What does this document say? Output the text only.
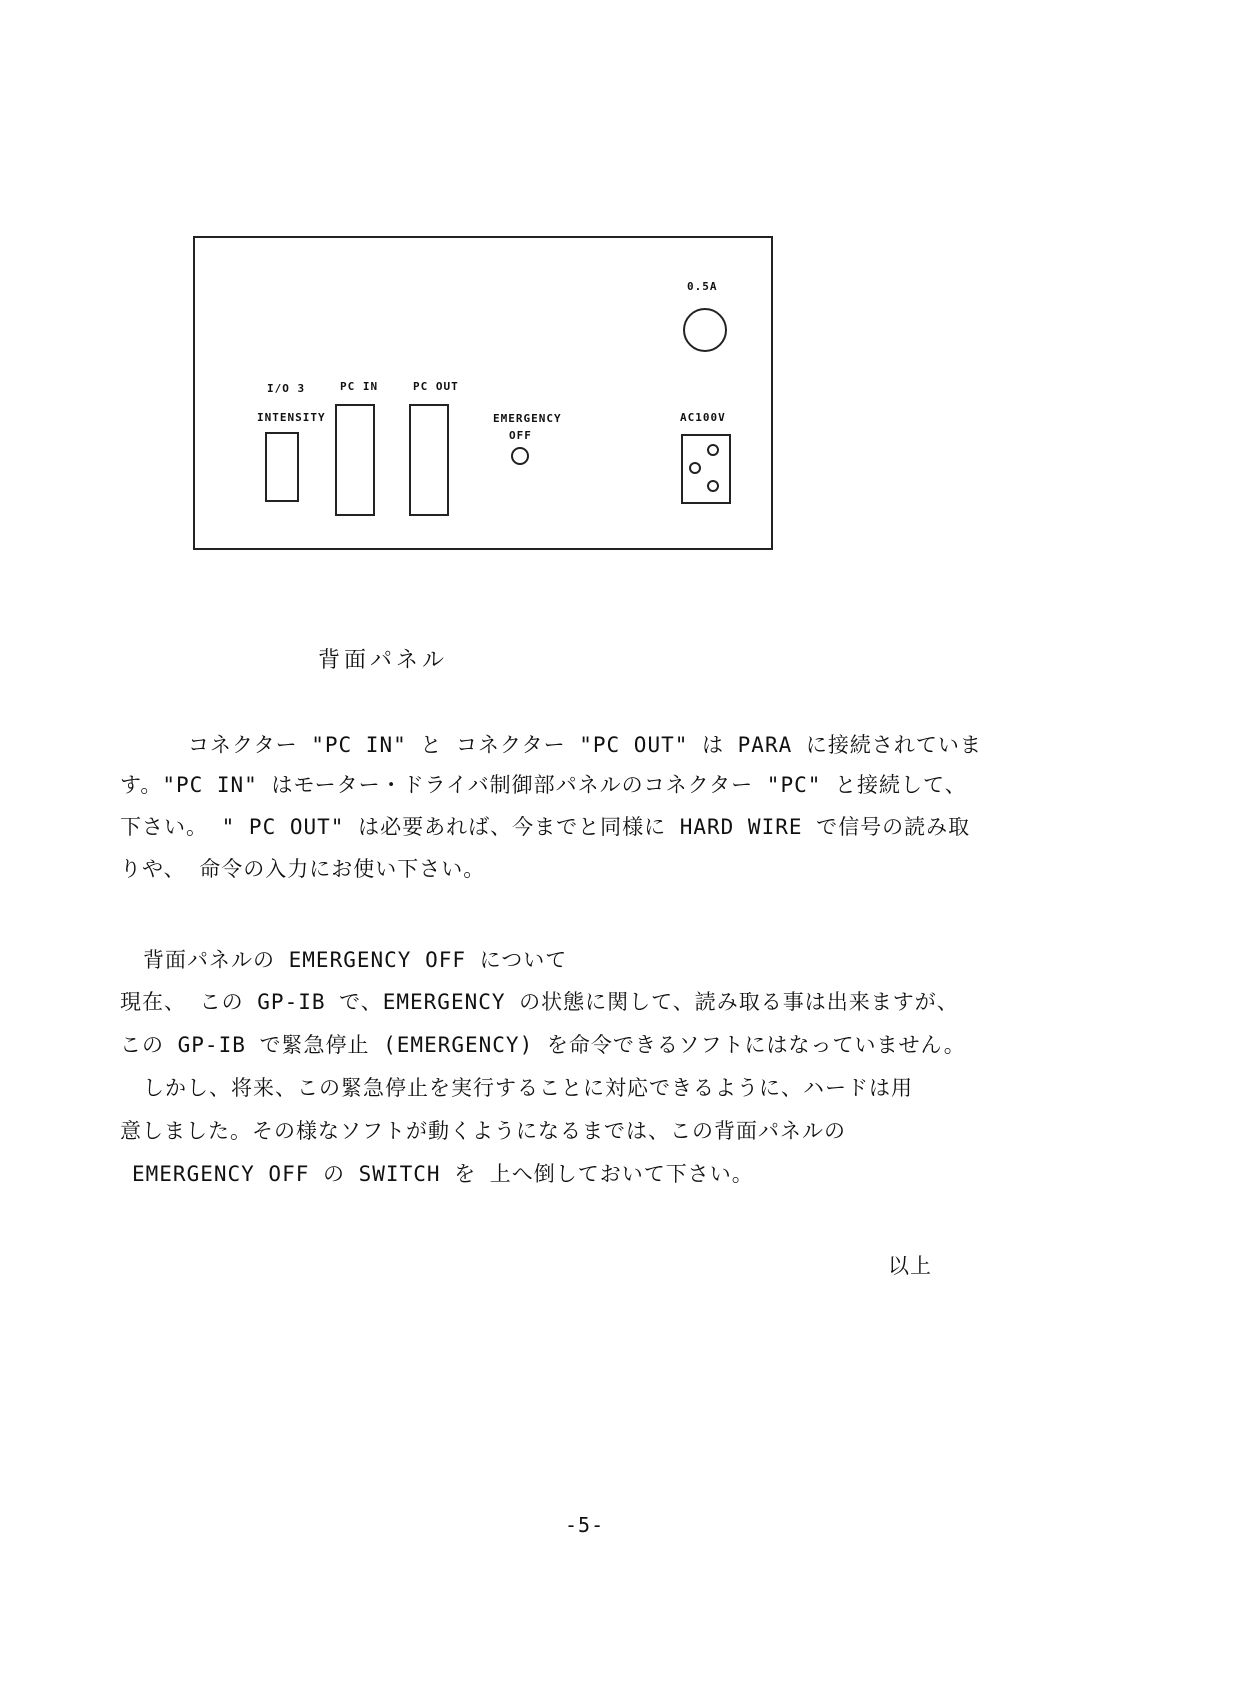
0.5A
I/O 3
INTENSITY
PC IN	PC OUT
EMERGENCY
OFF
AC100V
背面パネル
コネクター "PC IN" と コネクター "PC OUT" は PARA に接続されていま
す。"PC IN" はモーター・ドライバ制御部パネルのコネクター "PC" と接続して、
下さい。 " PC OUT" は必要あれば、今までと同様に HARD WIRE で信号の読み取
りや、 命令の入力にお使い下さい。
背面パネルの EMERGENCY OFF について
現在、 この GP-IB で、EMERGENCY の状態に関して、読み取る事は出来ますが、
この GP-IB で緊急停止 (EMERGENCY) を命令できるソフトにはなっていません。
しかし、将来、この緊急停止を実行することに対応できるように、ハードは用
意しました。その様なソフトが動くようになるまでは、この背面パネルの
EMERGENCY OFF の SWITCH を 上へ倒しておいて下さい。
以上
-5-
